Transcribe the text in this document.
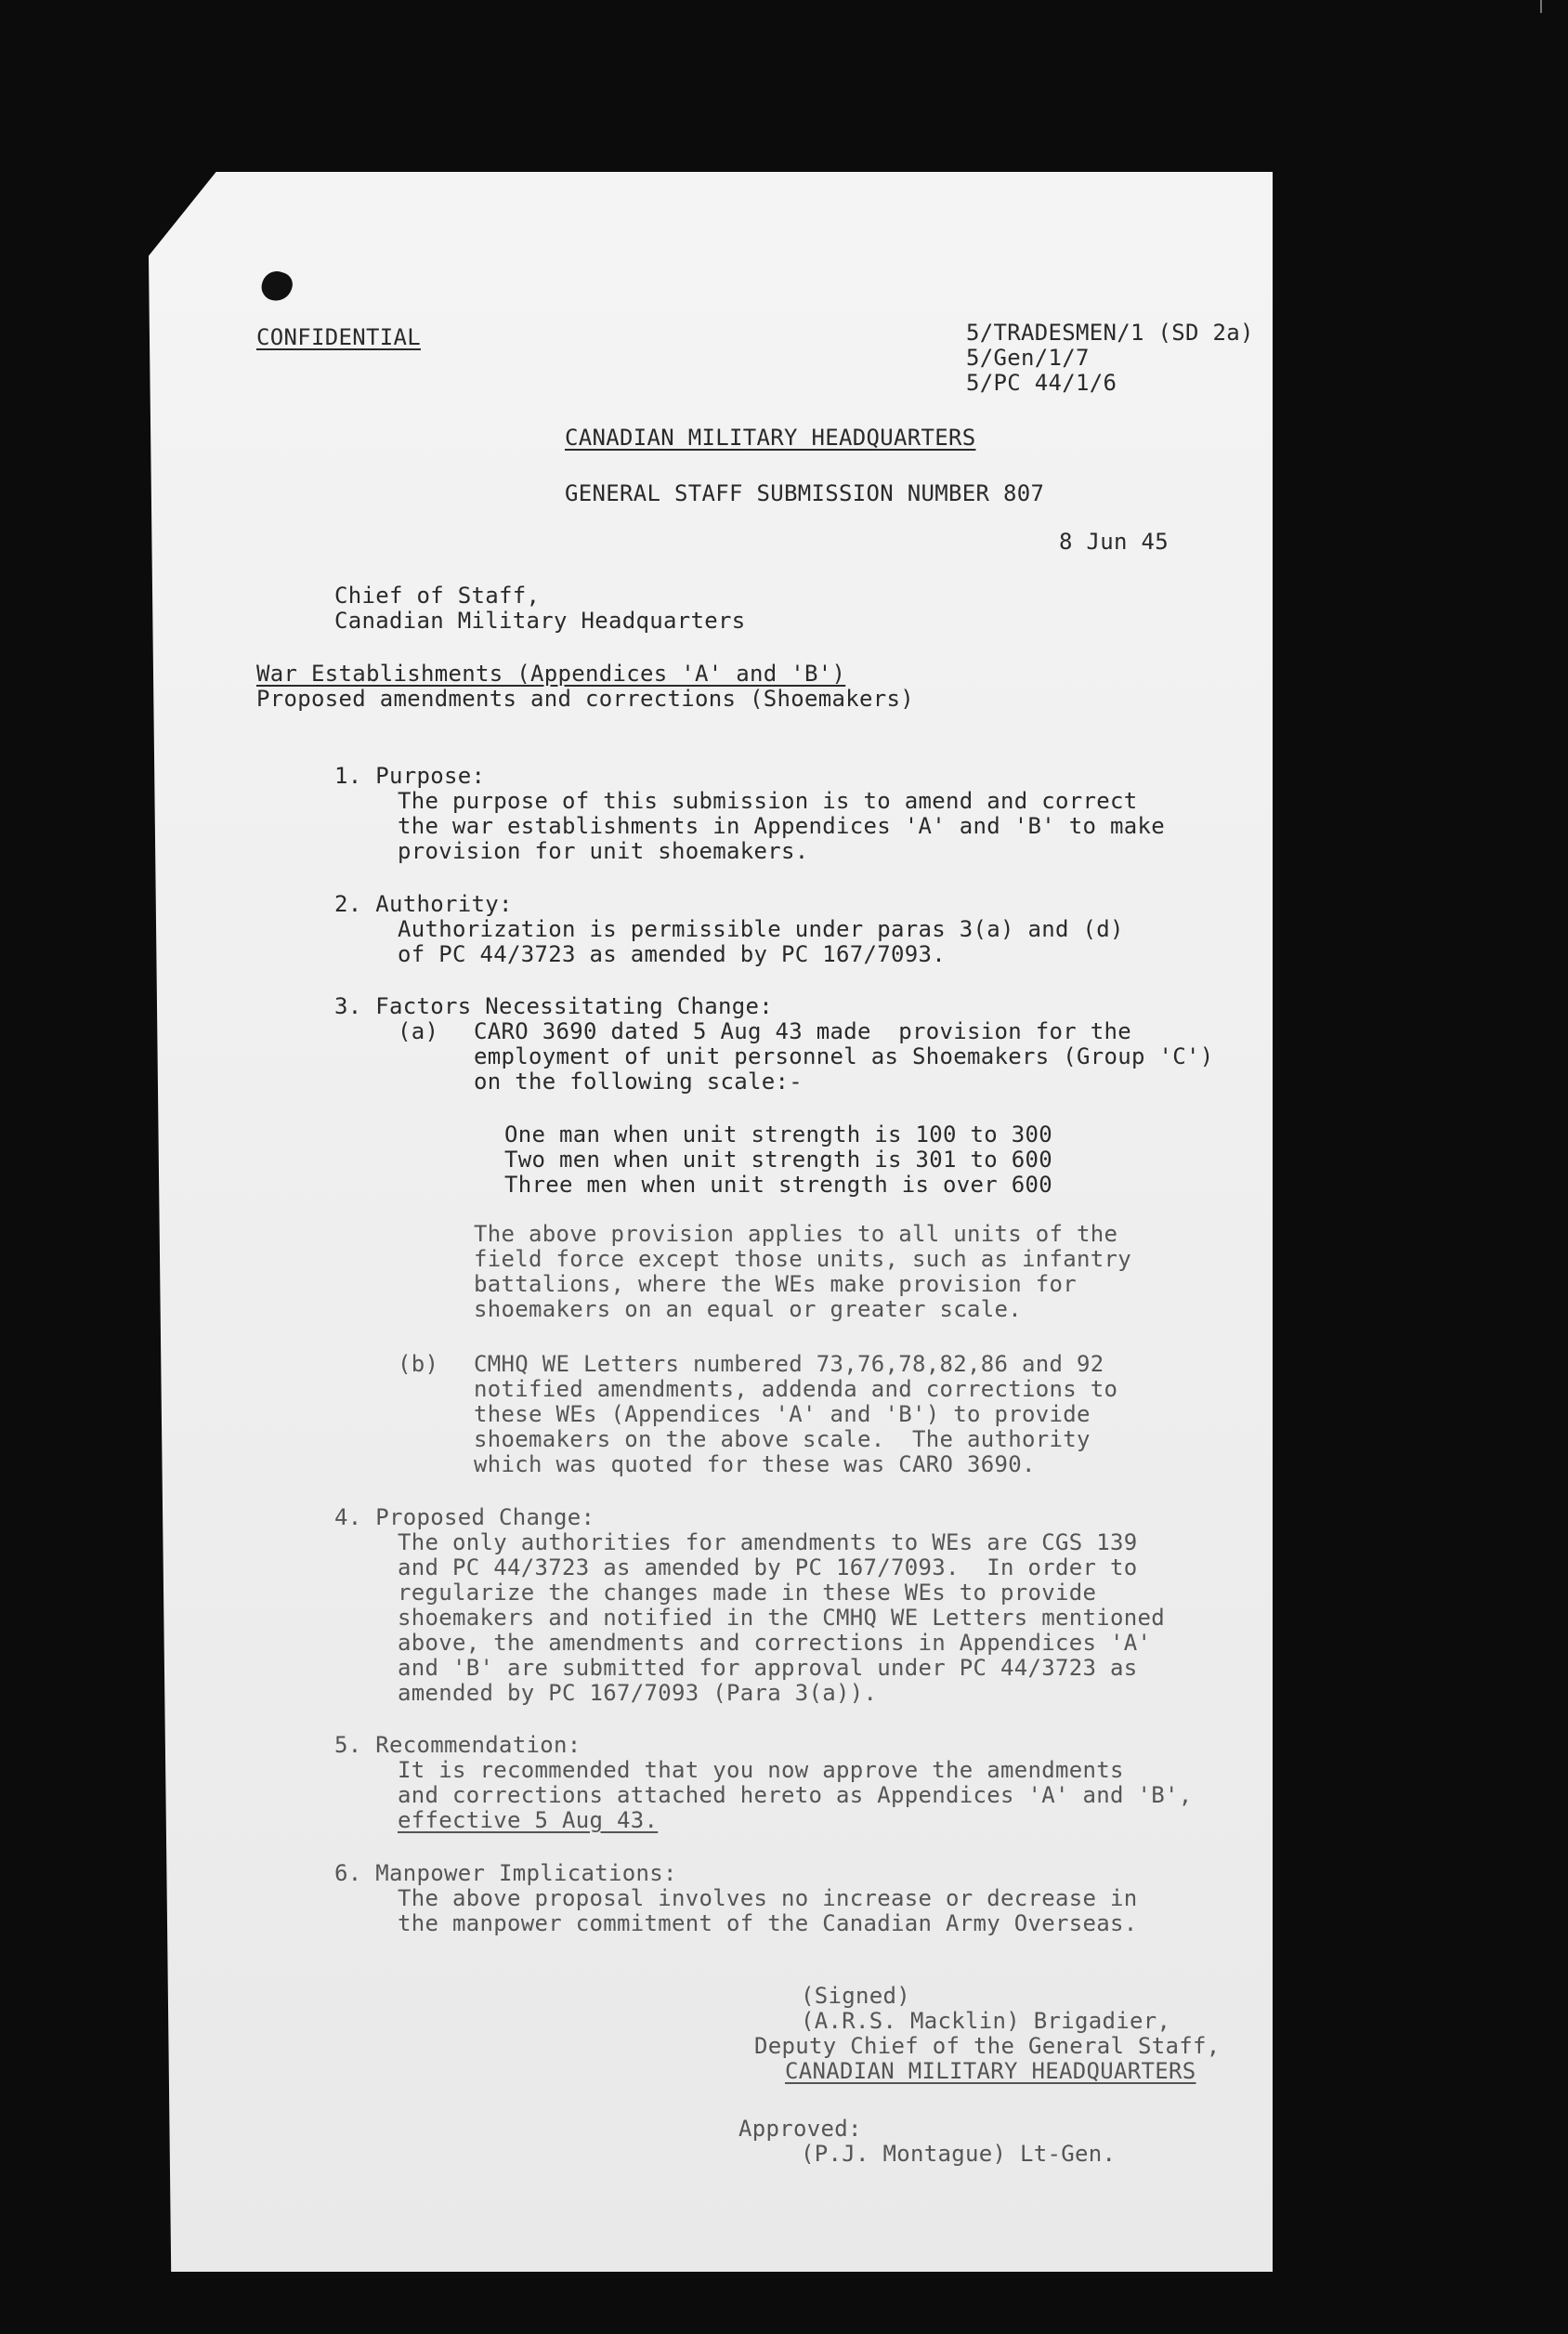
CONFIDENTIAL	5/TRADESMEN/1 (SD 2a)
5/Gen/1/7
5/PC 44/1/6
CANADIAN MILITARY HEADQUARTERS
GENERAL STAFF SUBMISSION NUMBER 807
8 Jun 45
Chief of Staff,
Canadian Military Headquarters
War Establishments (Appendices 'A' and 'B')
Proposed amendments and corrections (Shoemakers)
1. Purpose:
The purpose of this submission is to amend and correct
the war establishments in Appendices 'A' and 'B' to make
provision for unit shoemakers.
2. Authority:
Authorization is permissible under paras 3(a) and (d)
of PC 44/3723 as amended by PC 167/7093.
3. Factors Necessitating Change:
(a) CARO 3690 dated 5 Aug 43 made  provision for the
employment of unit personnel as Shoemakers (Group 'C')
on the following scale:-
One man when unit strength is 100 to 300
Two men when unit strength is 301 to 600
Three men when unit strength is over 600
The above provision applies to all units of the
field force except those units, such as infantry
battalions, where the WEs make provision for
shoemakers on an equal or greater scale.
(b) CMHQ WE Letters numbered 73,76,78,82,86 and 92
notified amendments, addenda and corrections to
these WEs (Appendices 'A' and 'B') to provide
shoemakers on the above scale.  The authority
which was quoted for these was CARO 3690.
4. Proposed Change:
The only authorities for amendments to WEs are CGS 139
and PC 44/3723 as amended by PC 167/7093.  In order to
regularize the changes made in these WEs to provide
shoemakers and notified in the CMHQ WE Letters mentioned
above, the amendments and corrections in Appendices 'A'
and 'B' are submitted for approval under PC 44/3723 as
amended by PC 167/7093 (Para 3(a)).
5. Recommendation:
It is recommended that you now approve the amendments
and corrections attached hereto as Appendices 'A' and 'B',
effective 5 Aug 43.
6. Manpower Implications:
The above proposal involves no increase or decrease in
the manpower commitment of the Canadian Army Overseas.
(Signed)
(A.R.S. Macklin) Brigadier,
Deputy Chief of the General Staff,
CANADIAN MILITARY HEADQUARTERS
Approved:
(P.J. Montague) Lt-Gen.
